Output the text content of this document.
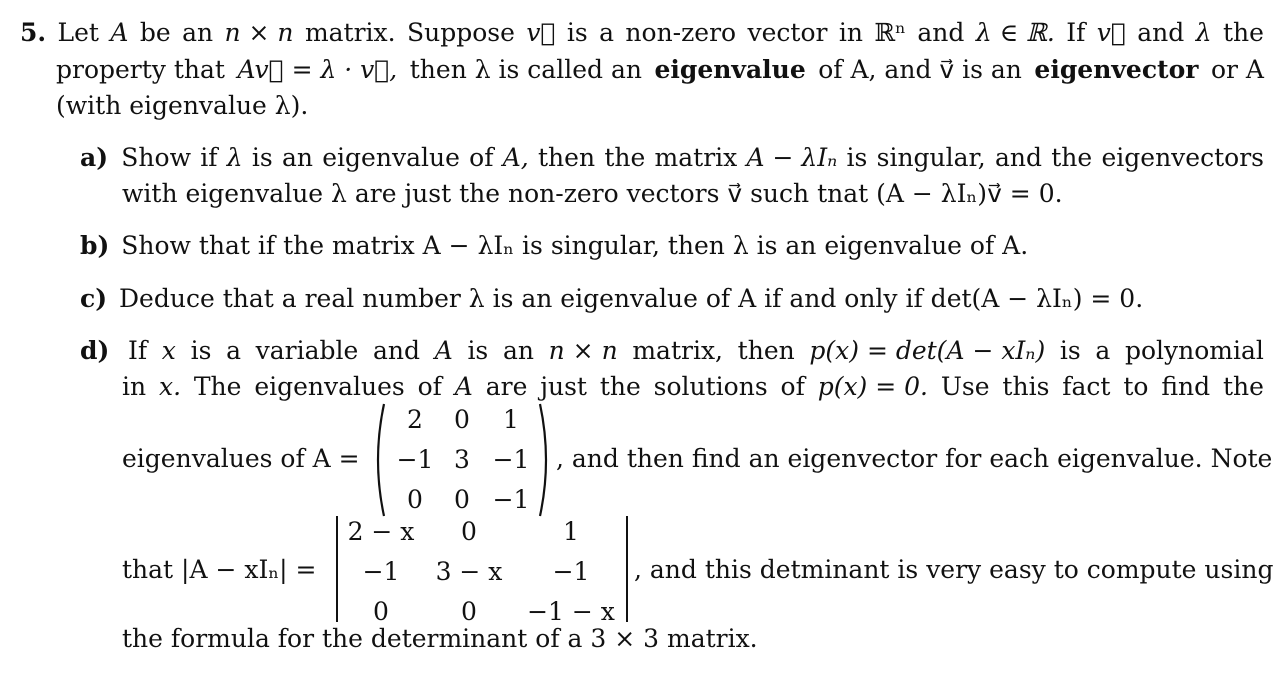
5. Let A be an n × n matrix. Suppose v⃗ is a non-zero vector in ℝⁿ and λ ∈ ℝ. If v⃗ and λ the
property that Av⃗ = λ · v⃗, then λ is called an eigenvalue of A, and v⃗ is an eigenvector or A
(with eigenvalue λ).
a) Show if λ is an eigenvalue of A, then the matrix A − λIₙ is singular, and the eigenvectors
with eigenvalue λ are just the non-zero vectors v⃗ such tnat (A − λIₙ)v⃗ = 0.
b) Show that if the matrix A − λIₙ is singular, then λ is an eigenvalue of A.
c) Deduce that a real number λ is an eigenvalue of A if and only if det(A − λIₙ) = 0.
d) If x is a variable and A is an n × n matrix, then p(x) = det(A − xIₙ) is a polynomial
in x. The eigenvalues of A are just the solutions of p(x) = 0. Use this fact to find the
eigenvalues of A =
2	0	1
−1 3 −1
0	0 −1
, and then find an eigenvector for each eigenvalue. Note
that |A − xIₙ| =
2 − x	0	1
−1	3 − x	−1
0	0	−1 − x
, and this detminant is very easy to compute using
the formula for the determinant of a 3 × 3 matrix.
